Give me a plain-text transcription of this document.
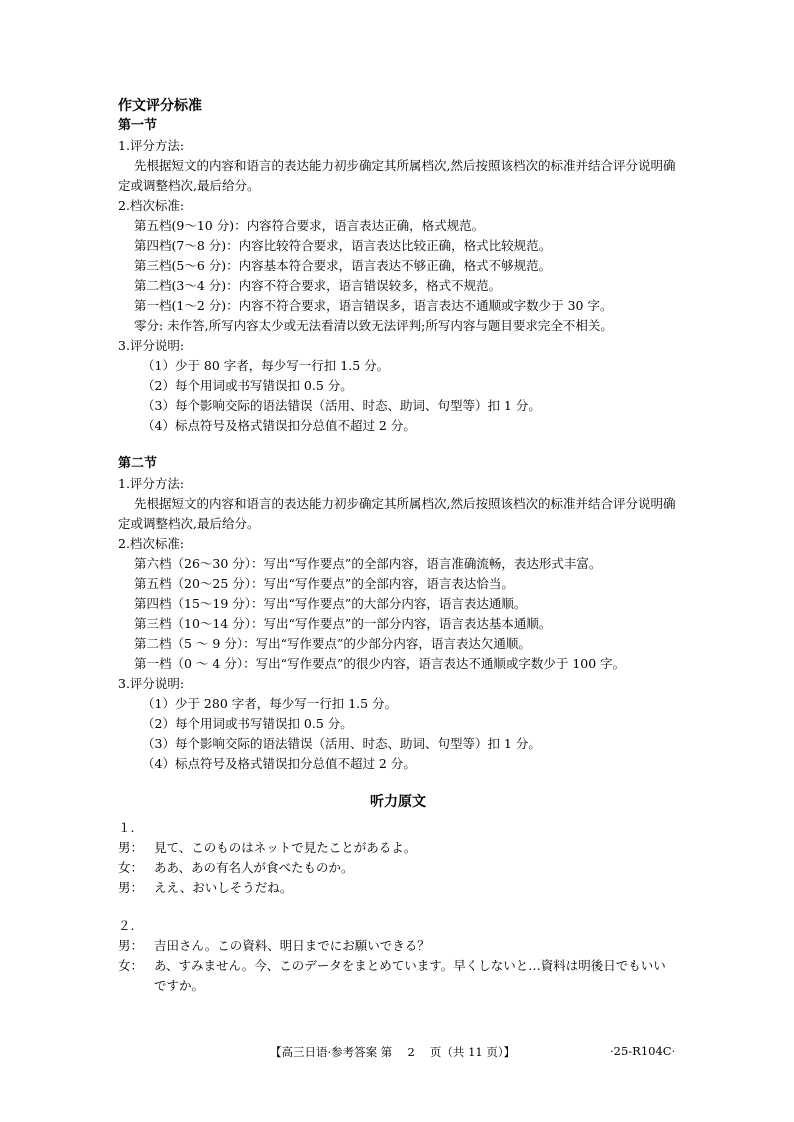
作文评分标准
第一节
1.评分方法:
先根据短文的内容和语言的表达能力初步确定其所属档次,然后按照该档次的标准并结合评分说明确定或调整档次,最后给分。
2.档次标准:
第五档(9～10 分)：内容符合要求，语言表达正确，格式规范。
第四档(7～8 分)：内容比较符合要求，语言表达比较正确，格式比较规范。
第三档(5～6 分)：内容基本符合要求，语言表达不够正确，格式不够规范。
第二档(3～4 分)：内容不符合要求，语言错误较多，格式不规范。
第一档(1～2 分)：内容不符合要求，语言错误多，语言表达不通顺或字数少于 30 字。
零分: 未作答,所写内容太少或无法看清以致无法评判;所写内容与题目要求完全不相关。
3.评分说明:
（1）少于 80 字者，每少写一行扣 1.5 分。
（2）每个用词或书写错误扣 0.5 分。
（3）每个影响交际的语法错误（活用、时态、助词、句型等）扣 1 分。
（4）标点符号及格式错误扣分总值不超过 2 分。
第二节
1.评分方法:
先根据短文的内容和语言的表达能力初步确定其所属档次,然后按照该档次的标准并结合评分说明确定或调整档次,最后给分。
2.档次标准:
第六档（26～30 分）：写出“写作要点”的全部内容，语言准确流畅，表达形式丰富。
第五档（20～25 分）：写出“写作要点”的全部内容，语言表达恰当。
第四档（15～19 分）：写出“写作要点”的大部分内容，语言表达通顺。
第三档（10～14 分）：写出“写作要点”的一部分内容，语言表达基本通顺。
第二档（5 ～ 9 分）：写出“写作要点”的少部分内容，语言表达欠通顺。
第一档（0 ～ 4 分）：写出“写作要点”的很少内容，语言表达不通顺或字数少于 100 字。
3.评分说明:
（1）少于 280 字者，每少写一行扣 1.5 分。
（2）每个用词或书写错误扣 0.5 分。
（3）每个影响交际的语法错误（活用、时态、助词、句型等）扣 1 分。
（4）标点符号及格式错误扣分总值不超过 2 分。
听力原文
１.
男： 見て、このものはネットで見たことがあるよ。
女： ああ、あの有名人が食べたものか。
男： ええ、おいしそうだね。
２.
男： 吉田さん。この資料、明日までにお願いできる？
女： あ、すみません。今、このデータをまとめています。早くしないと…資料は明後日でもいいですか。
【高三日语·参考答案 第　 2　 页（共 11 页）】	·25-R104C·
